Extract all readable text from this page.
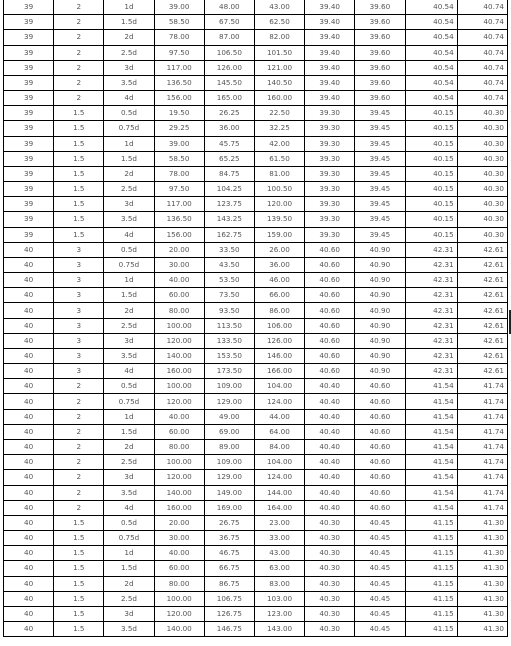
39	2	1d	39.00	48.00	43.00	39.40	39.60	40.54	40.74
39	2	1.5d	58.50	67.50	62.50	39.40	39.60	40.54	40.74
39	2	2d	78.00	87.00	82.00	39.40	39.60	40.54	40.74
39	2	2.5d	97.50	106.50	101.50	39.40	39.60	40.54	40.74
39	2	3d	117.00	126.00	121.00	39.40	39.60	40.54	40.74
39	2	3.5d	136.50	145.50	140.50	39.40	39.60	40.54	40.74
39	2	4d	156.00	165.00	160.00	39.40	39.60	40.54	40.74
39	1.5	0.5d	19.50	26.25	22.50	39.30	39.45	40.15	40.30
39	1.5	0.75d	29.25	36.00	32.25	39.30	39.45	40.15	40.30
39	1.5	1d	39.00	45.75	42.00	39.30	39.45	40.15	40.30
39	1.5	1.5d	58.50	65.25	61.50	39.30	39.45	40.15	40.30
39	1.5	2d	78.00	84.75	81.00	39.30	39.45	40.15	40.30
39	1.5	2.5d	97.50	104.25	100.50	39.30	39.45	40.15	40.30
39	1.5	3d	117.00	123.75	120.00	39.30	39.45	40.15	40.30
39	1.5	3.5d	136.50	143.25	139.50	39.30	39.45	40.15	40.30
39	1.5	4d	156.00	162.75	159.00	39.30	39.45	40.15	40.30
40	3	0.5d	20.00	33.50	26.00	40.60	40.90	42.31	42.61
40	3	0.75d	30.00	43.50	36.00	40.60	40.90	42.31	42.61
40	3	1d	40.00	53.50	46.00	40.60	40.90	42.31	42.61
40	3	1.5d	60.00	73.50	66.00	40.60	40.90	42.31	42.61
40	3	2d	80.00	93.50	86.00	40.60	40.90	42.31	42.61
40	3	2.5d	100.00	113.50	106.00	40.60	40.90	42.31	42.61
40	3	3d	120.00	133.50	126.00	40.60	40.90	42.31	42.61
40	3	3.5d	140.00	153.50	146.00	40.60	40.90	42.31	42.61
40	3	4d	160.00	173.50	166.00	40.60	40.90	42.31	42.61
40	2	0.5d	100.00	109.00	104.00	40.40	40.60	41.54	41.74
40	2	0.75d	120.00	129.00	124.00	40.40	40.60	41.54	41.74
40	2	1d	40.00	49.00	44.00	40.40	40.60	41.54	41.74
40	2	1.5d	60.00	69.00	64.00	40.40	40.60	41.54	41.74
40	2	2d	80.00	89.00	84.00	40.40	40.60	41.54	41.74
40	2	2.5d	100.00	109.00	104.00	40.40	40.60	41.54	41.74
40	2	3d	120.00	129.00	124.00	40.40	40.60	41.54	41.74
40	2	3.5d	140.00	149.00	144.00	40.40	40.60	41.54	41.74
40	2	4d	160.00	169.00	164.00	40.40	40.60	41.54	41.74
40	1.5	0.5d	20.00	26.75	23.00	40.30	40.45	41.15	41.30
40	1.5	0.75d	30.00	36.75	33.00	40.30	40.45	41.15	41.30
40	1.5	1d	40.00	46.75	43.00	40.30	40.45	41.15	41.30
40	1.5	1.5d	60.00	66.75	63.00	40.30	40.45	41.15	41.30
40	1.5	2d	80.00	86.75	83.00	40.30	40.45	41.15	41.30
40	1.5	2.5d	100.00	106.75	103.00	40.30	40.45	41.15	41.30
40	1.5	3d	120.00	126.75	123.00	40.30	40.45	41.15	41.30
40	1.5	3.5d	140.00	146.75	143.00	40.30	40.45	41.15	41.30
